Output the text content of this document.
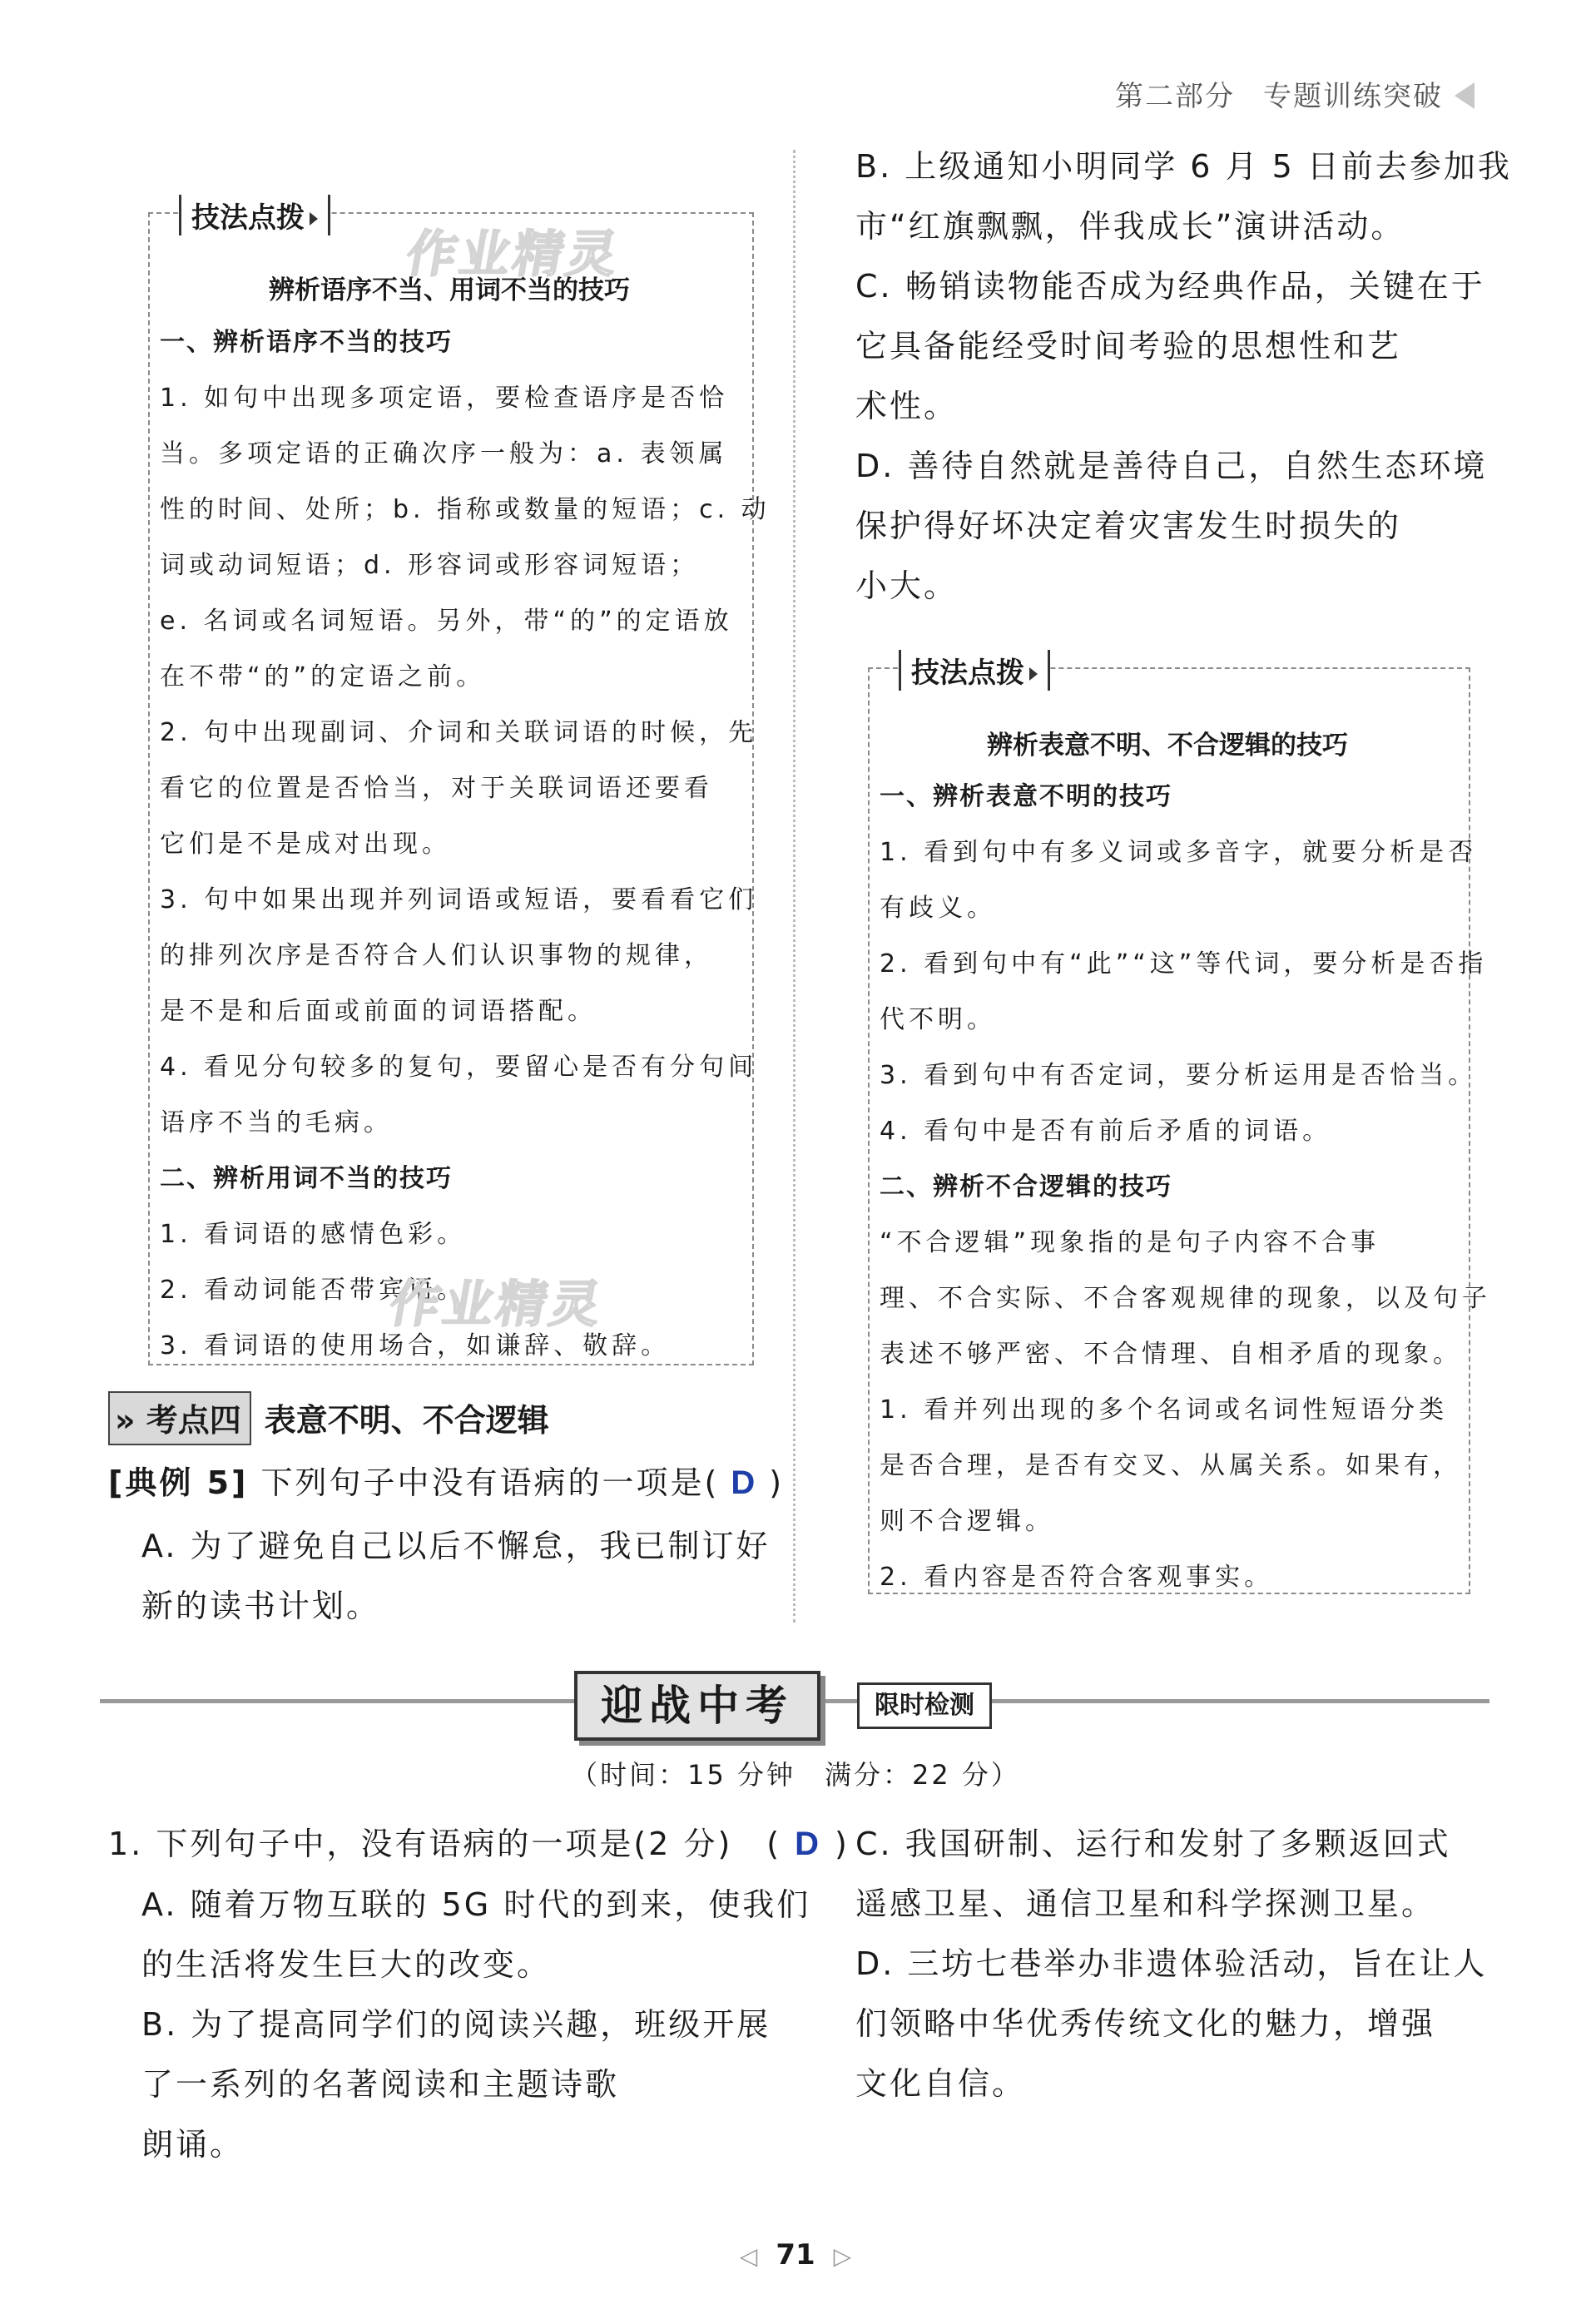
第二部分 专题训练突破
技法点拨
作业精灵
辨析语序不当、用词不当的技巧
一、辨析语序不当的技巧
1. 如句中出现多项定语，要检查语序是否恰
当。多项定语的正确次序一般为：a. 表领属
性的时间、处所；b. 指称或数量的短语；c. 动
词或动词短语；d. 形容词或形容词短语；
e. 名词或名词短语。另外，带“的”的定语放
在不带“的”的定语之前。
2. 句中出现副词、介词和关联词语的时候，先
看它的位置是否恰当，对于关联词语还要看
它们是不是成对出现。
3. 句中如果出现并列词语或短语，要看看它们
的排列次序是否符合人们认识事物的规律，
是不是和后面或前面的词语搭配。
4. 看见分句较多的复句，要留心是否有分句间
语序不当的毛病。
二、辨析用词不当的技巧
1. 看词语的感情色彩。
2. 看动词能否带宾语。
3. 看词语的使用场合，如谦辞、敬辞。
作业精灵
» 考点四 表意不明、不合逻辑
[典例 5] 下列句子中没有语病的一项是( D )
A. 为了避免自己以后不懈怠，我已制订好
新的读书计划。
B. 上级通知小明同学 6 月 5 日前去参加我
市“红旗飘飘，伴我成长”演讲活动。
C. 畅销读物能否成为经典作品，关键在于
它具备能经受时间考验的思想性和艺
术性。
D. 善待自然就是善待自己，自然生态环境
保护得好坏决定着灾害发生时损失的
小大。
技法点拨
辨析表意不明、不合逻辑的技巧
一、辨析表意不明的技巧
1. 看到句中有多义词或多音字，就要分析是否
有歧义。
2. 看到句中有“此”“这”等代词，要分析是否指
代不明。
3. 看到句中有否定词，要分析运用是否恰当。
4. 看句中是否有前后矛盾的词语。
二、辨析不合逻辑的技巧
“不合逻辑”现象指的是句子内容不合事
理、不合实际、不合客观规律的现象，以及句子
表述不够严密、不合情理、自相矛盾的现象。
1. 看并列出现的多个名词或名词性短语分类
是否合理，是否有交叉、从属关系。如果有，
则不合逻辑。
2. 看内容是否符合客观事实。
迎战中考	限时检测
（时间：15 分钟　满分：22 分）
1. 下列句子中，没有语病的一项是(2 分)　( D )
A. 随着万物互联的 5G 时代的到来，使我们
的生活将发生巨大的改变。
B. 为了提高同学们的阅读兴趣，班级开展
了一系列的名著阅读和主题诗歌
朗诵。
C. 我国研制、运行和发射了多颗返回式
遥感卫星、通信卫星和科学探测卫星。
D. 三坊七巷举办非遗体验活动，旨在让人
们领略中华优秀传统文化的魅力，增强
文化自信。
◁ 71 ▷
